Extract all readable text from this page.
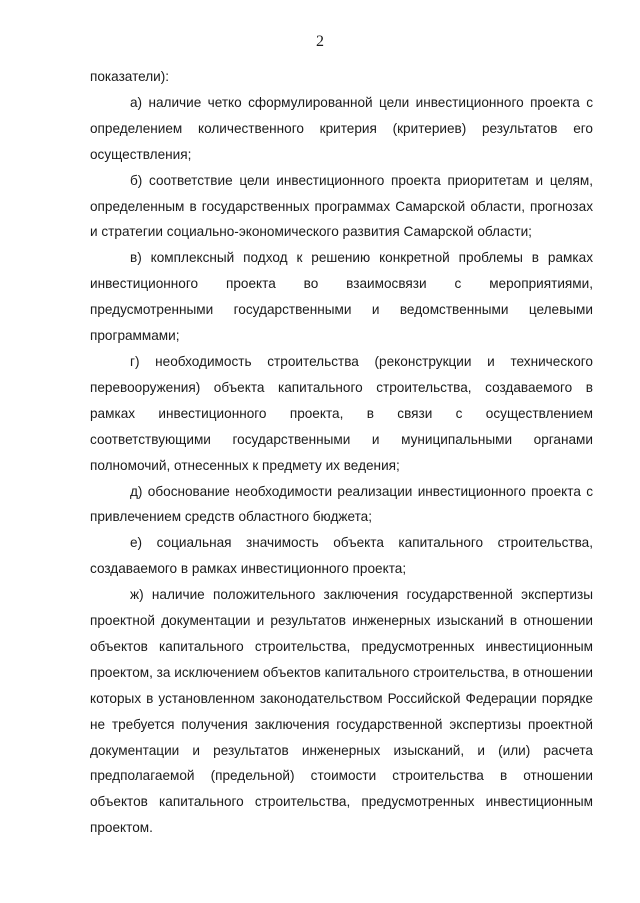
2

показатели):

а) наличие четко сформулированной цели инвестиционного проекта с определением количественного критерия (критериев) результатов его осуществления;

б) соответствие цели инвестиционного проекта приоритетам и целям, определенным в государственных программах Самарской области, прогнозах и стратегии социально-экономического развития Самарской области;

в) комплексный подход к решению конкретной проблемы в рамках инвестиционного проекта во взаимосвязи с мероприятиями, предусмотренными государственными и ведомственными целевыми программами;

г) необходимость строительства (реконструкции и технического перевооружения) объекта капитального строительства, создаваемого в рамках инвестиционного проекта, в связи с осуществлением соответствующими государственными и муниципальными органами полномочий, отнесенных к предмету их ведения;

д) обоснование необходимости реализации инвестиционного проекта с привлечением средств областного бюджета;

е) социальная значимость объекта капитального строительства, создаваемого в рамках инвестиционного проекта;

ж) наличие положительного заключения государственной экспертизы проектной документации и результатов инженерных изысканий в отношении объектов капитального строительства, предусмотренных инвестиционным проектом, за исключением объектов капитального строительства, в отношении которых в установленном законодательством Российской Федерации порядке не требуется получения заключения государственной экспертизы проектной документации и результатов инженерных изысканий, и (или) расчета предполагаемой (предельной) стоимости строительства в отношении объектов капитального строительства, предусмотренных инвестиционным проектом.
